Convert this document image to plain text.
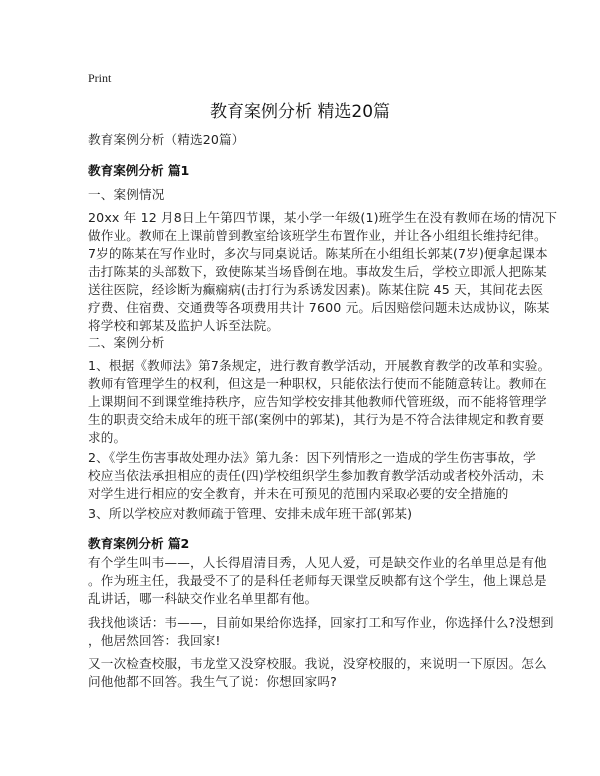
Print
教育案例分析 精选20篇
教育案例分析（精选20篇）
教育案例分析 篇1
一、案例情况
20xx 年 12 月8日上午第四节课，某小学一年级(1)班学生在没有教师在场的情况下
做作业。教师在上课前曾到教室给该班学生布置作业，并让各小组组长维持纪律。
7岁的陈某在写作业时，多次与同桌说话。陈某所在小组组长郭某(7岁)便拿起课本
击打陈某的头部数下，致使陈某当场昏倒在地。事故发生后，学校立即派人把陈某
送往医院，经诊断为癫痫病(击打行为系诱发因素)。陈某住院 45 天，其间花去医
疗费、住宿费、交通费等各项费用共计 7600 元。后因赔偿问题未达成协议，陈某
将学校和郭某及监护人诉至法院。
二、案例分析
1、根据《教师法》第7条规定，进行教育教学活动，开展教育教学的改革和实验。
教师有管理学生的权利，但这是一种职权，只能依法行使而不能随意转让。教师在
上课期间不到课堂维持秩序，应告知学校安排其他教师代管班级，而不能将管理学
生的职责交给未成年的班干部(案例中的郭某)，其行为是不符合法律规定和教育要
求的。
2、《学生伤害事故处理办法》第九条：因下列情形之一造成的学生伤害事故，学
校应当依法承担相应的责任(四)学校组织学生参加教育教学活动或者校外活动，未
对学生进行相应的安全教育，并未在可预见的范围内采取必要的安全措施的
3、所以学校应对教师疏于管理、安排未成年班干部(郭某)
教育案例分析 篇2
有个学生叫韦——，人长得眉清目秀，人见人爱，可是缺交作业的名单里总是有他
。作为班主任，我最受不了的是科任老师每天课堂反映都有这个学生，他上课总是
乱讲话，哪一科缺交作业名单里都有他。
我找他谈话：韦——，目前如果给你选择，回家打工和写作业，你选择什么?没想到
，他居然回答：我回家!
又一次检查校服，韦龙堂又没穿校服。我说，没穿校服的，来说明一下原因。怎么
问他他都不回答。我生气了说：你想回家吗?
